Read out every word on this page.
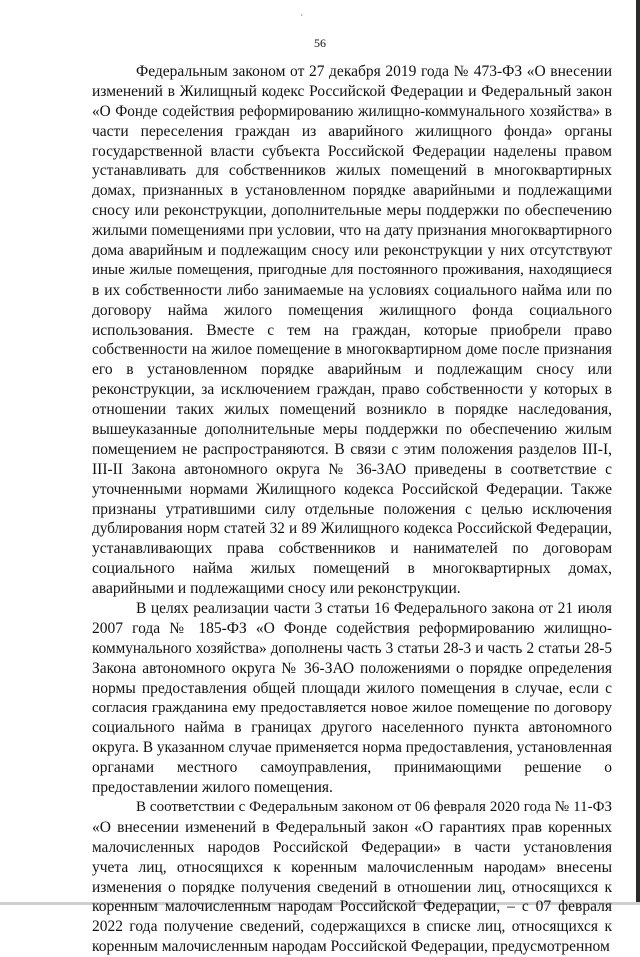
`
56
Федеральным законом от 27 декабря 2019 года № 473-ФЗ «О внесении
изменений в Жилищный кодекс Российской Федерации и Федеральный закон
«О Фонде содействия реформированию жилищно-коммунального хозяйства» в
части переселения граждан из аварийного жилищного фонда» органы
государственной власти субъекта Российской Федерации наделены правом
устанавливать для собственников жилых помещений в многоквартирных
домах, признанных в установленном порядке аварийными и подлежащими
сносу или реконструкции, дополнительные меры поддержки по обеспечению
жилыми помещениями при условии, что на дату признания многоквартирного
дома аварийным и подлежащим сносу или реконструкции у них отсутствуют
иные жилые помещения, пригодные для постоянного проживания, находящиеся
в их собственности либо занимаемые на условиях социального найма или по
договору найма жилого помещения жилищного фонда социального
использования. Вместе с тем на граждан, которые приобрели право
собственности на жилое помещение в многоквартирном доме после признания
его в установленном порядке аварийным и подлежащим сносу или
реконструкции, за исключением граждан, право собственности у которых в
отношении таких жилых помещений возникло в порядке наследования,
вышеуказанные дополнительные меры поддержки по обеспечению жилым
помещением не распространяются. В связи с этим положения разделов III-I,
III-II Закона автономного округа № 36-ЗАО приведены в соответствие с
уточненными нормами Жилищного кодекса Российской Федерации. Также
признаны утратившими силу отдельные положения с целью исключения
дублирования норм статей 32 и 89 Жилищного кодекса Российской Федерации,
устанавливающих права собственников и нанимателей по договорам
социального найма жилых помещений в многоквартирных домах,
аварийными и подлежащими сносу или реконструкции.
В целях реализации части 3 статьи 16 Федерального закона от 21 июля
2007 года № 185-ФЗ «О Фонде содействия реформированию жилищно-
коммунального хозяйства» дополнены часть 3 статьи 28-3 и часть 2 статьи 28-5
Закона автономного округа № 36-ЗАО положениями о порядке определения
нормы предоставления общей площади жилого помещения в случае, если с
согласия гражданина ему предоставляется новое жилое помещение по договору
социального найма в границах другого населенного пункта автономного
округа. В указанном случае применяется норма предоставления, установленная
органами местного самоуправления, принимающими решение о
предоставлении жилого помещения.
В соответствии с Федеральным законом от 06 февраля 2020 года № 11-ФЗ
«О внесении изменений в Федеральный закон «О гарантиях прав коренных
малочисленных народов Российской Федерации» в части установления
учета лиц, относящихся к коренным малочисленным народам» внесены
изменения о порядке получения сведений в отношении лиц, относящихся к
коренным малочисленным народам Российской Федерации, – с 07 февраля
2022 года получение сведений, содержащихся в списке лиц, относящихся к
коренным малочисленным народам Российской Федерации, предусмотренном
